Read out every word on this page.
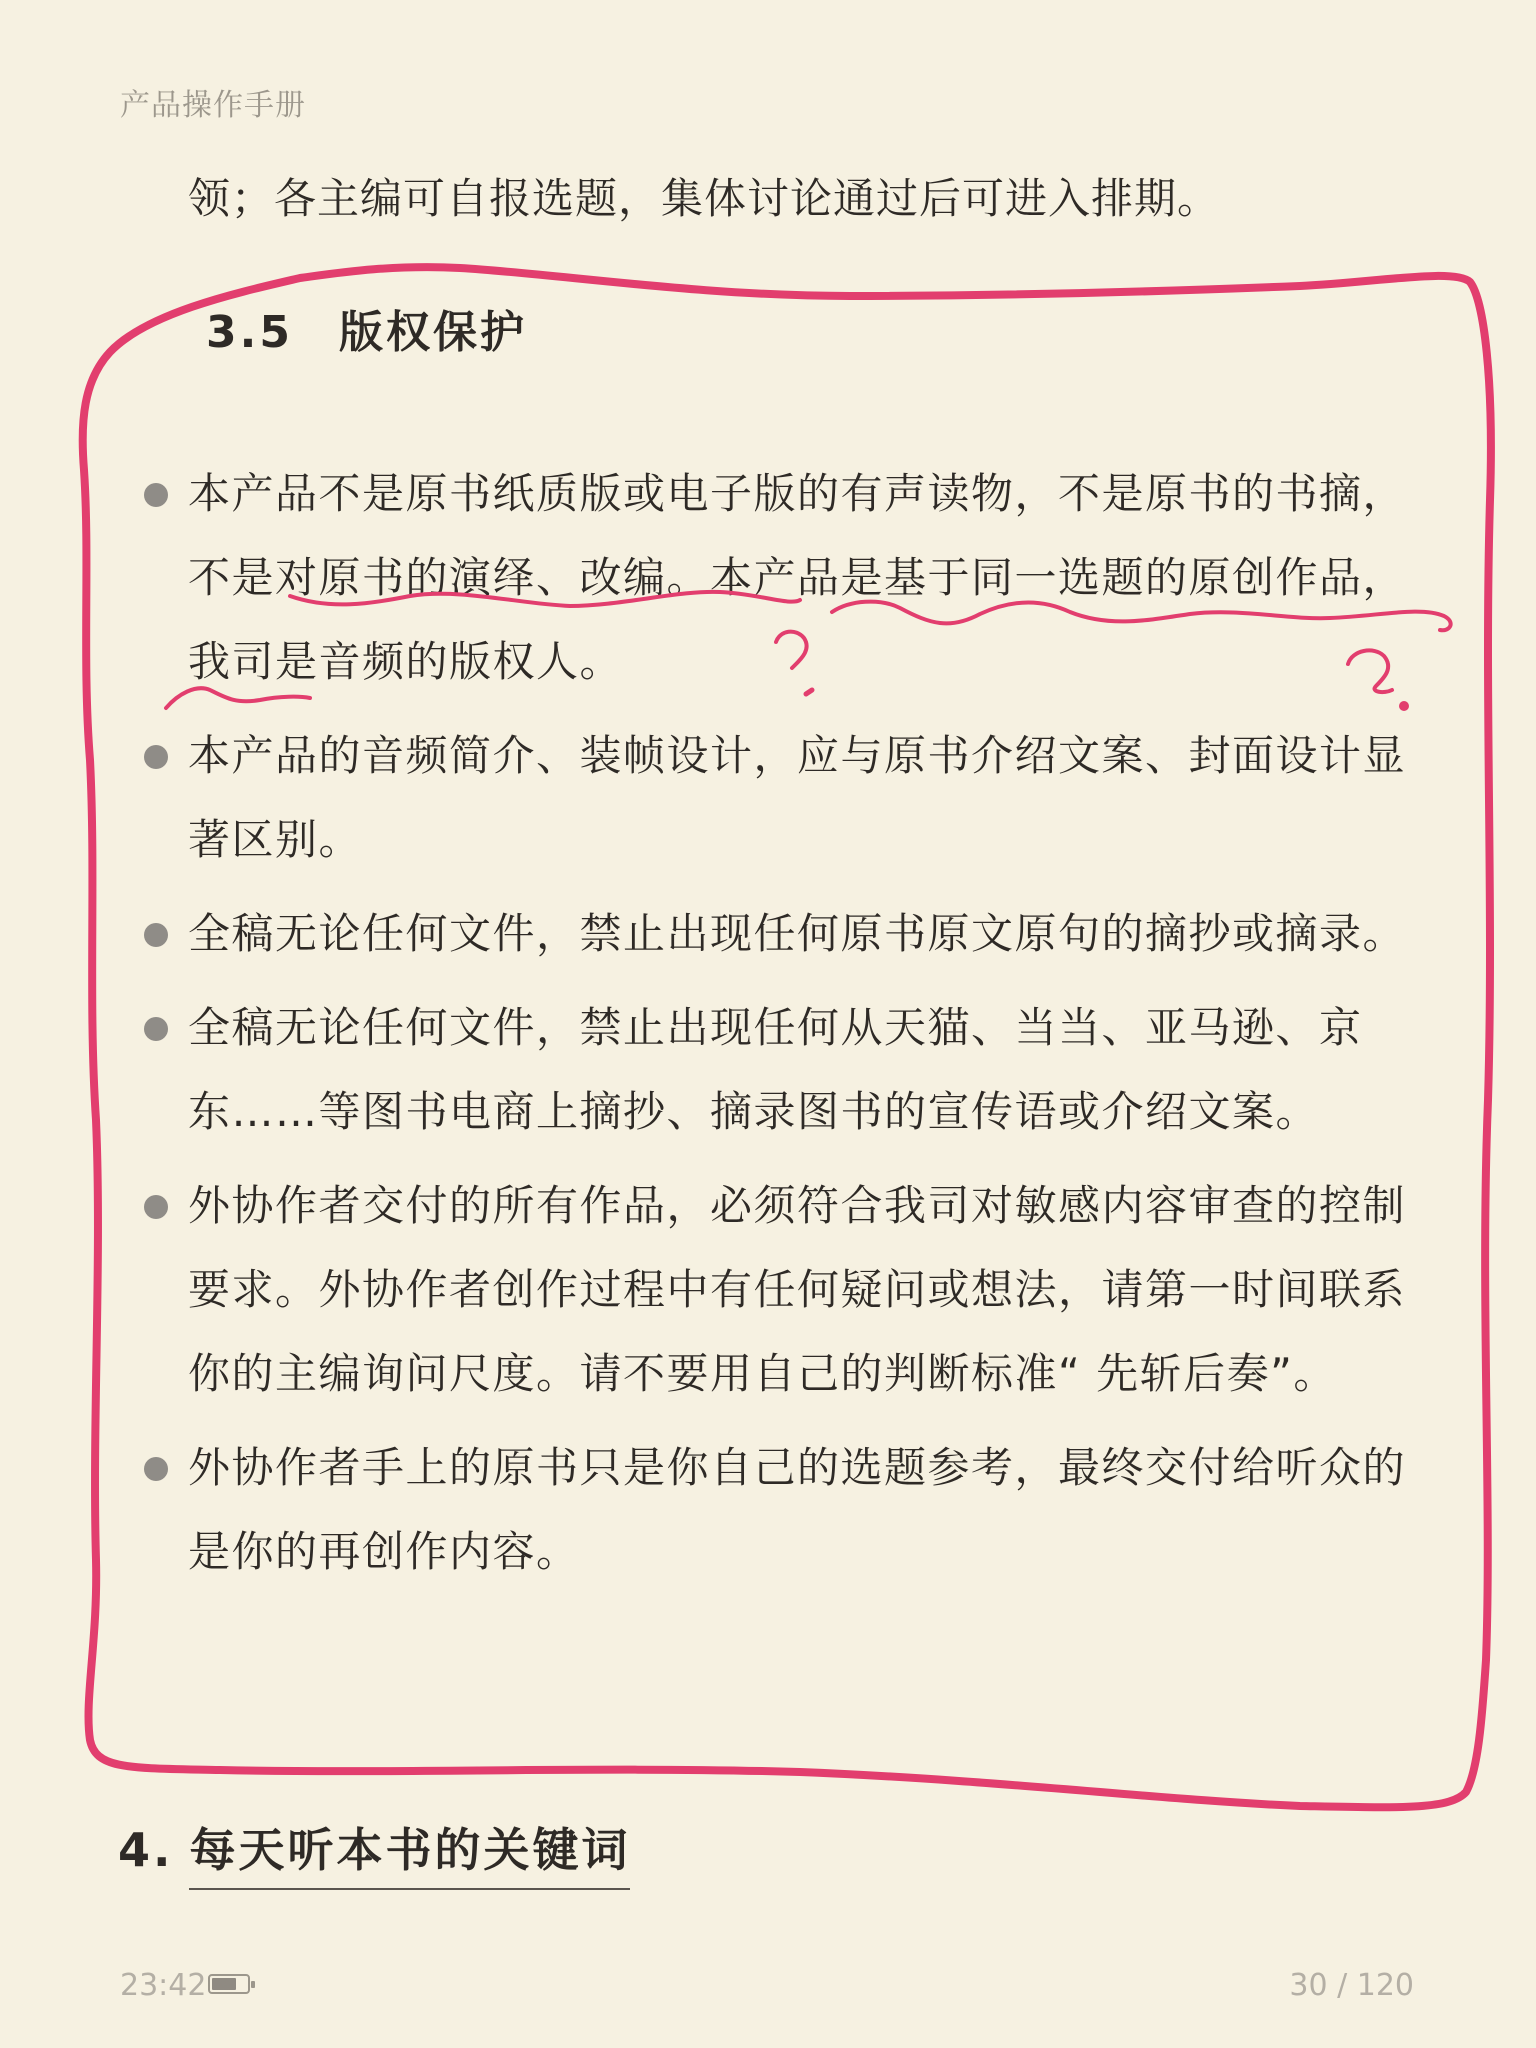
产品操作手册
领；各主编可自报选题，集体讨论通过后可进入排期。
3.5 版权保护
本产品不是原书纸质版或电子版的有声读物，不是原书的书摘，不是对原书的演绎、改编。本产品是基于同一选题的原创作品，我司是音频的版权人。
本产品的音频简介、装帧设计，应与原书介绍文案、封面设计显著区别。
全稿无论任何文件，禁止出现任何原书原文原句的摘抄或摘录。
全稿无论任何文件，禁止出现任何从天猫、当当、亚马逊、京东……等图书电商上摘抄、摘录图书的宣传语或介绍文案。
外协作者交付的所有作品，必须符合我司对敏感内容审查的控制要求。外协作者创作过程中有任何疑问或想法，请第一时间联系你的主编询问尺度。请不要用自己的判断标准“ 先斩后奏”。
外协作者手上的原书只是你自己的选题参考，最终交付给听众的是你的再创作内容。
4. 每天听本书的关键词
23:42	30 / 120
